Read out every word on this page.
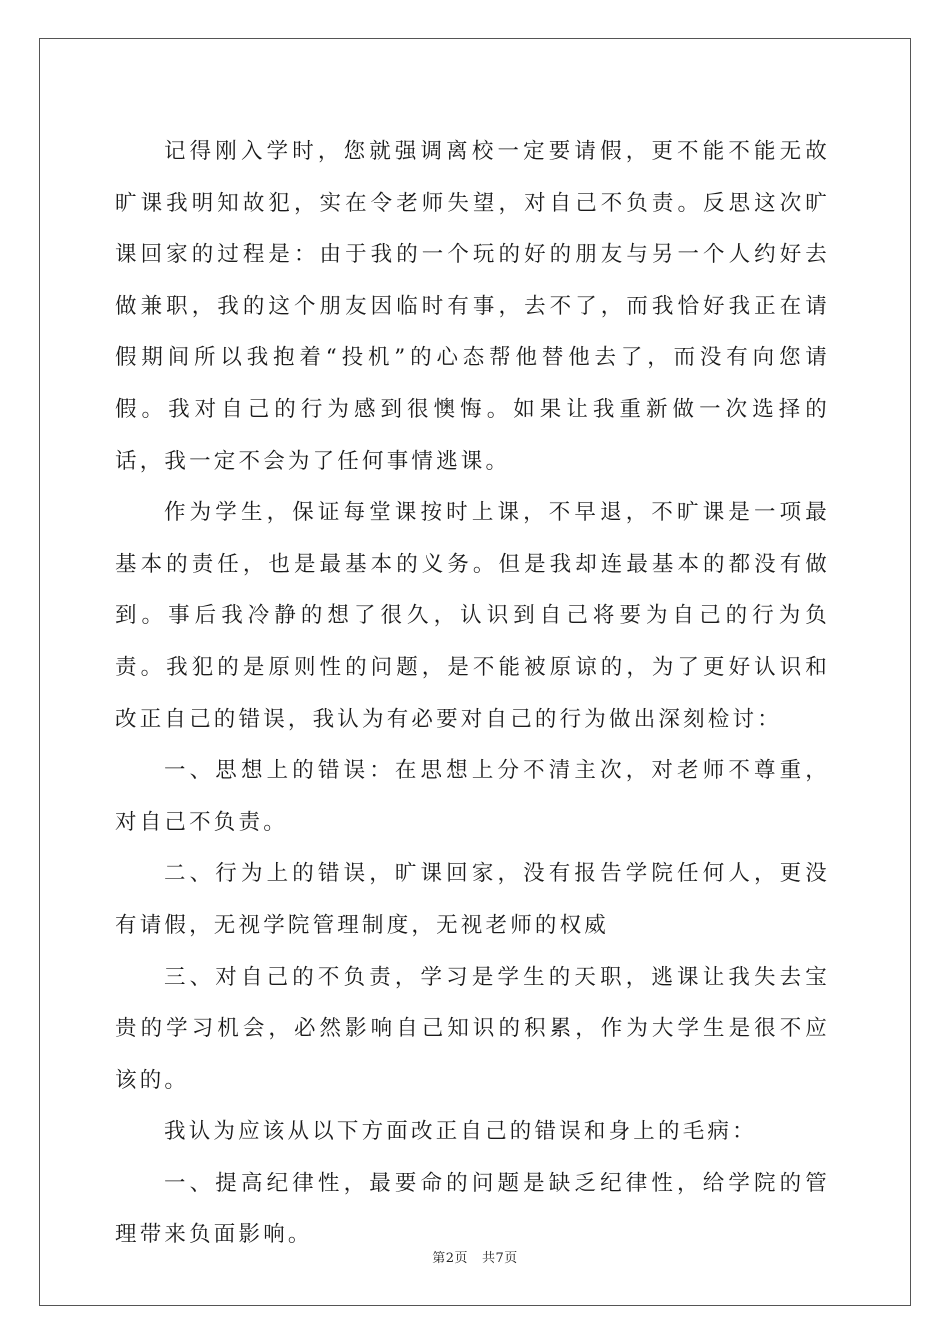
记得刚入学时，您就强调离校一定要请假，更不能不能无故旷课我明知故犯，实在令老师失望，对自己不负责。反思这次旷课回家的过程是：由于我的一个玩的好的朋友与另一个人约好去做兼职，我的这个朋友因临时有事，去不了，而我恰好我正在请假期间所以我抱着“投机”的心态帮他替他去了，而没有向您请假。我对自己的行为感到很懊悔。如果让我重新做一次选择的话，我一定不会为了任何事情逃课。

作为学生，保证每堂课按时上课，不早退，不旷课是一项最基本的责任，也是最基本的义务。但是我却连最基本的都没有做到。事后我冷静的想了很久，认识到自己将要为自己的行为负责。我犯的是原则性的问题，是不能被原谅的，为了更好认识和改正自己的错误，我认为有必要对自己的行为做出深刻检讨：

一、思想上的错误：在思想上分不清主次，对老师不尊重，对自己不负责。

二、行为上的错误，旷课回家，没有报告学院任何人，更没有请假，无视学院管理制度，无视老师的权威

三、对自己的不负责，学习是学生的天职，逃课让我失去宝贵的学习机会，必然影响自己知识的积累，作为大学生是很不应该的。

我认为应该从以下方面改正自己的错误和身上的毛病：

一、提高纪律性，最要命的问题是缺乏纪律性，给学院的管理带来负面影响。

第2页 共7页
